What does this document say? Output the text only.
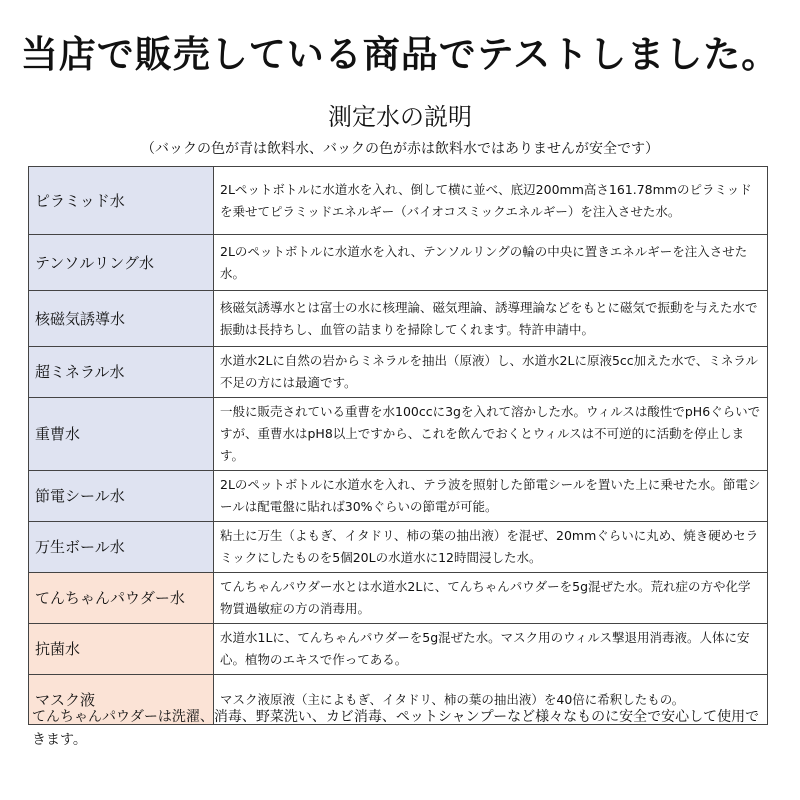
当店で販売している商品でテストしました。
測定水の説明
（バックの色が青は飲料水、バックの色が赤は飲料水ではありませんが安全です）
ピラミッド水	2Lペットボトルに水道水を入れ、倒して横に並べ、底辺200mm高さ161.78mmのピラミッドを乗せてピラミッドエネルギー（バイオコスミックエネルギー）を注入させた水。
テンソルリング水	2Lのペットボトルに水道水を入れ、テンソルリングの輪の中央に置きエネルギーを注入させた水。
核磁気誘導水	核磁気誘導水とは富士の水に核理論、磁気理論、誘導理論などをもとに磁気で振動を与えた水で振動は長持ちし、血管の詰まりを掃除してくれます。特許申請中。
超ミネラル水	水道水2Lに自然の岩からミネラルを抽出（原液）し、水道水2Lに原液5cc加えた水で、ミネラル不足の方には最適です。
重曹水	一般に販売されている重曹を水100ccに3gを入れて溶かした水。ウィルスは酸性でpH6ぐらいですが、重曹水はpH8以上ですから、これを飲んでおくとウィルスは不可逆的に活動を停止します。
節電シール水	2Lのペットボトルに水道水を入れ、テラ波を照射した節電シールを置いた上に乗せた水。節電シールは配電盤に貼れば30%ぐらいの節電が可能。
万生ボール水	粘土に万生（よもぎ、イタドリ、柿の葉の抽出液）を混ぜ、20mmぐらいに丸め、焼き硬めセラミックにしたものを5個20Lの水道水に12時間浸した水。
てんちゃんパウダー水	てんちゃんパウダー水とは水道水2Lに、てんちゃんパウダーを5g混ぜた水。荒れ症の方や化学物質過敏症の方の消毒用。
抗菌水	水道水1Lに、てんちゃんパウダーを5g混ぜた水。マスク用のウィルス撃退用消毒液。人体に安心。植物のエキスで作ってある。
マスク液	マスク液原液（主によもぎ、イタドリ、柿の葉の抽出液）を40倍に希釈したもの。
てんちゃんパウダーは洗濯、消毒、野菜洗い、カビ消毒、ペットシャンプーなど様々なものに安全で安心して使用できます。
